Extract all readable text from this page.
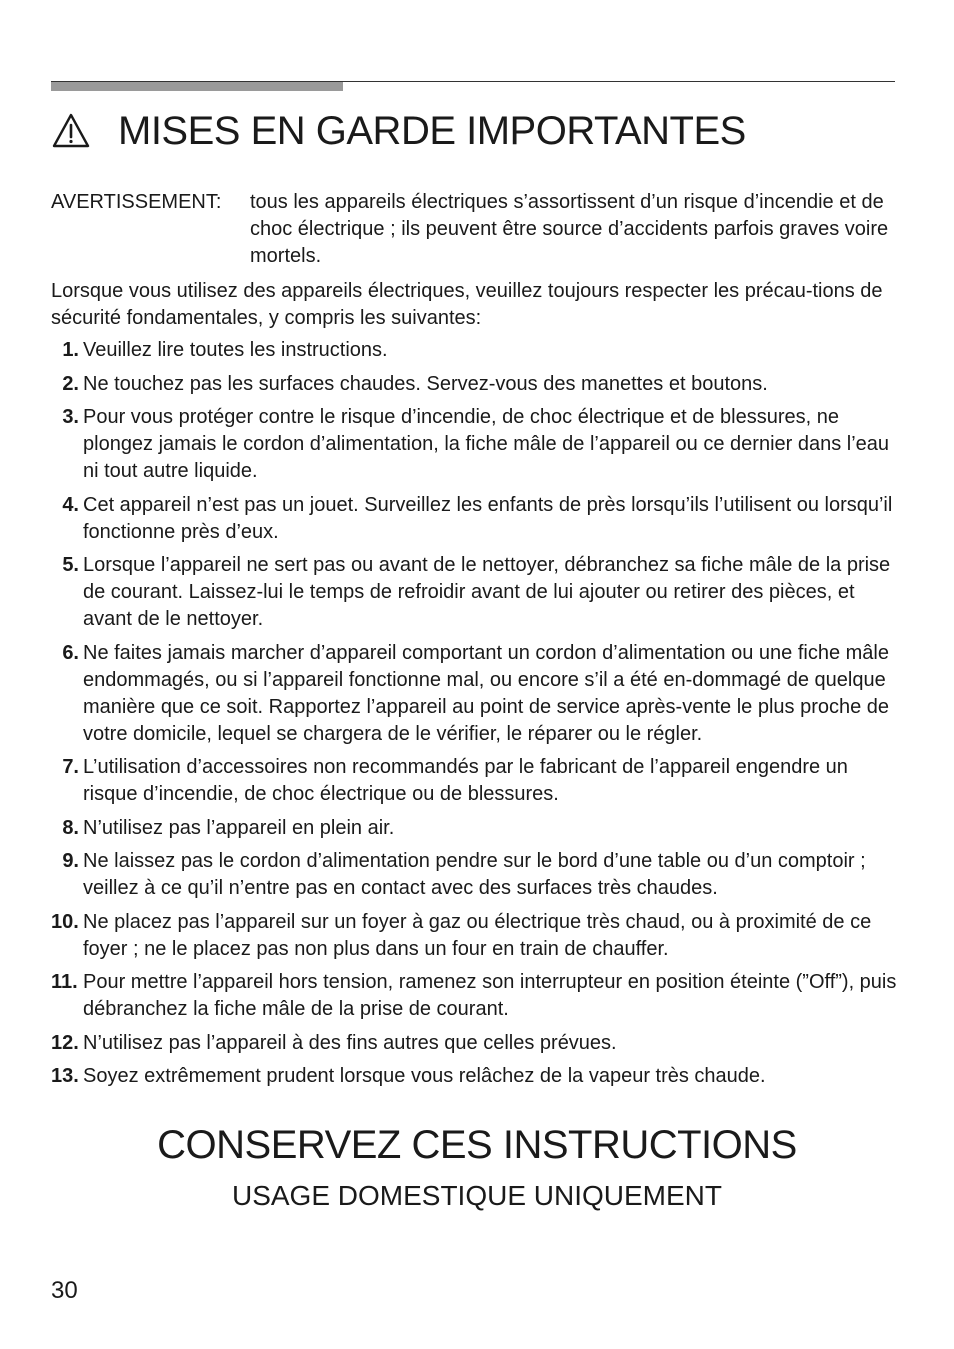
MISES EN GARDE IMPORTANTES
AVERTISSEMENT: tous les appareils électriques s’assortissent d’un risque d’incendie et de choc électrique ; ils peuvent être source d’accidents parfois graves voire mortels.
Lorsque vous utilisez des appareils électriques, veuillez toujours respecter les précau-tions de sécurité fondamentales, y compris les suivantes:
1. Veuillez lire toutes les instructions.
2. Ne touchez pas les surfaces chaudes. Servez-vous des manettes et boutons.
3. Pour vous protéger contre le risque d’incendie, de choc électrique et de blessures, ne plongez jamais le cordon d’alimentation, la fiche mâle de l’appareil ou ce dernier dans l’eau ni tout autre liquide.
4. Cet appareil n’est pas un jouet. Surveillez les enfants de près lorsqu’ils l’utilisent ou lorsqu’il fonctionne près d’eux.
5. Lorsque l’appareil ne sert pas ou avant de le nettoyer, débranchez sa fiche mâle de la prise de courant. Laissez-lui le temps de refroidir avant de lui ajouter ou retirer des pièces, et avant de le nettoyer.
6. Ne faites jamais marcher d’appareil comportant un cordon d’alimentation ou une fiche mâle endommagés, ou si l’appareil fonctionne mal, ou encore s’il a été en-dommagé de quelque manière que ce soit. Rapportez l’appareil au point de service après-vente le plus proche de votre domicile, lequel se chargera de le vérifier, le réparer ou le régler.
7. L’utilisation d’accessoires non recommandés par le fabricant de l’appareil engendre un risque d’incendie, de choc électrique ou de blessures.
8. N’utilisez pas l’appareil en plein air.
9. Ne laissez pas le cordon d’alimentation pendre sur le bord d’une table ou d’un comptoir ; veillez à ce qu’il n’entre pas en contact avec des surfaces très chaudes.
10. Ne placez pas l’appareil sur un foyer à gaz ou électrique très chaud, ou à proximité de ce foyer ; ne le placez pas non plus dans un four en train de chauffer.
11. Pour mettre l’appareil hors tension, ramenez son interrupteur en position éteinte (”Off”), puis débranchez la fiche mâle de la prise de courant.
12. N’utilisez pas l’appareil à des fins autres que celles prévues.
13. Soyez extrêmement prudent lorsque vous relâchez de la vapeur très chaude.
CONSERVEZ CES INSTRUCTIONS
USAGE DOMESTIQUE UNIQUEMENT
30
